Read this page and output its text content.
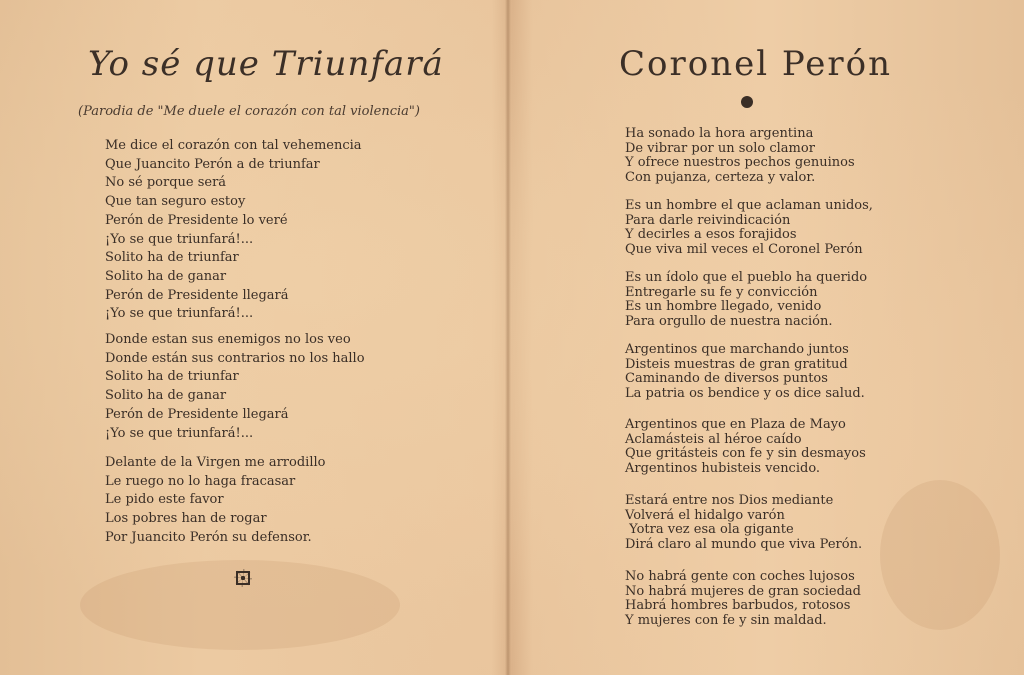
Yo sé que Triunfará

(Parodia de "Me duele el corazón con tal violencia")

Me dice el corazón con tal vehemencia
Que Juancito Perón a de triunfar
No sé porque será
Que tan seguro estoy
Perón de Presidente lo veré
¡Yo se que triunfará!...
Solito ha de triunfar
Solito ha de ganar
Perón de Presidente llegará
¡Yo se que triunfará!...
Donde estan sus enemigos no los veo
Donde están sus contrarios no los hallo
Solito ha de triunfar
Solito ha de ganar
Perón de Presidente llegará
¡Yo se que triunfará!...
Delante de la Virgen me arrodillo
Le ruego no lo haga fracasar
Le pido este favor
Los pobres han de rogar
Por Juancito Perón su defensor.
Coronel Perón
Ha sonado la hora argentina
De vibrar por un solo clamor
Y ofrece nuestros pechos genuinos
Con pujanza, certeza y valor.
Es un hombre el que aclaman unidos,
Para darle reivindicación
Y decirles a esos forajidos
Que viva mil veces el Coronel Perón
Es un ídolo que el pueblo ha querido
Entregarle su fe y convicción
Es un hombre llegado, venido
Para orgullo de nuestra nación.
Argentinos que marchando juntos
Disteis muestras de gran gratitud
Caminando de diversos puntos
La patria os bendice y os dice salud.
Argentinos que en Plaza de Mayo
Aclamásteis al héroe caído
Que gritásteis con fe y sin desmayos
Argentinos hubisteis vencido.
Estará entre nos Dios mediante
Volverá el hidalgo varón
Yotra vez esa ola gigante
Dirá claro al mundo que viva Perón.
No habrá gente con coches lujosos
No habrá mujeres de gran sociedad
Habrá hombres barbudos, rotosos
Y mujeres con fe y sin maldad.
